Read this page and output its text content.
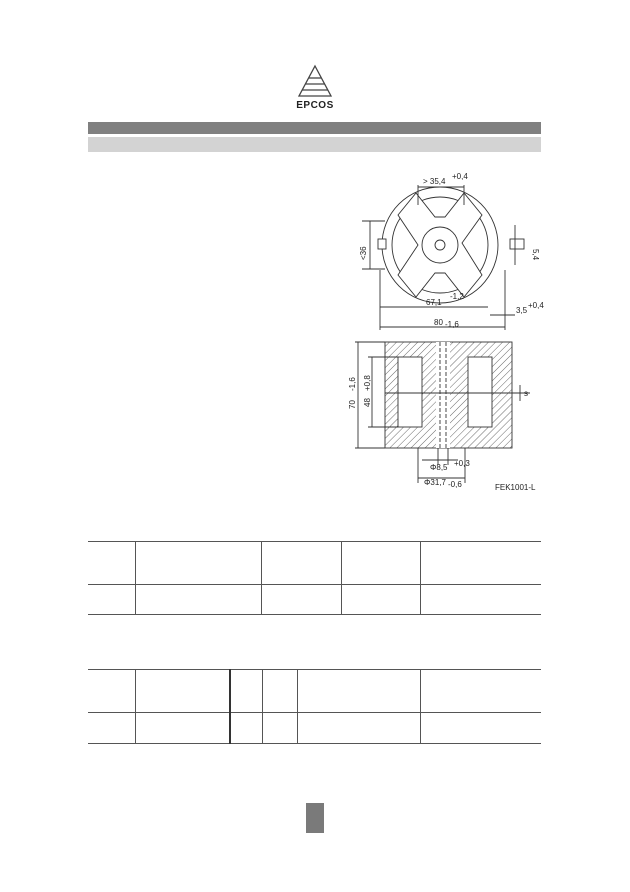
EPCOS
> 35,4
+0,4
<36	5,4
67,1
-1,2
3,5
+0,4
80 -1,6
70
-1,6
48
+0,8
s
Φ8,5 +0,3
Φ31,7 -0,6	FEK1001-L
